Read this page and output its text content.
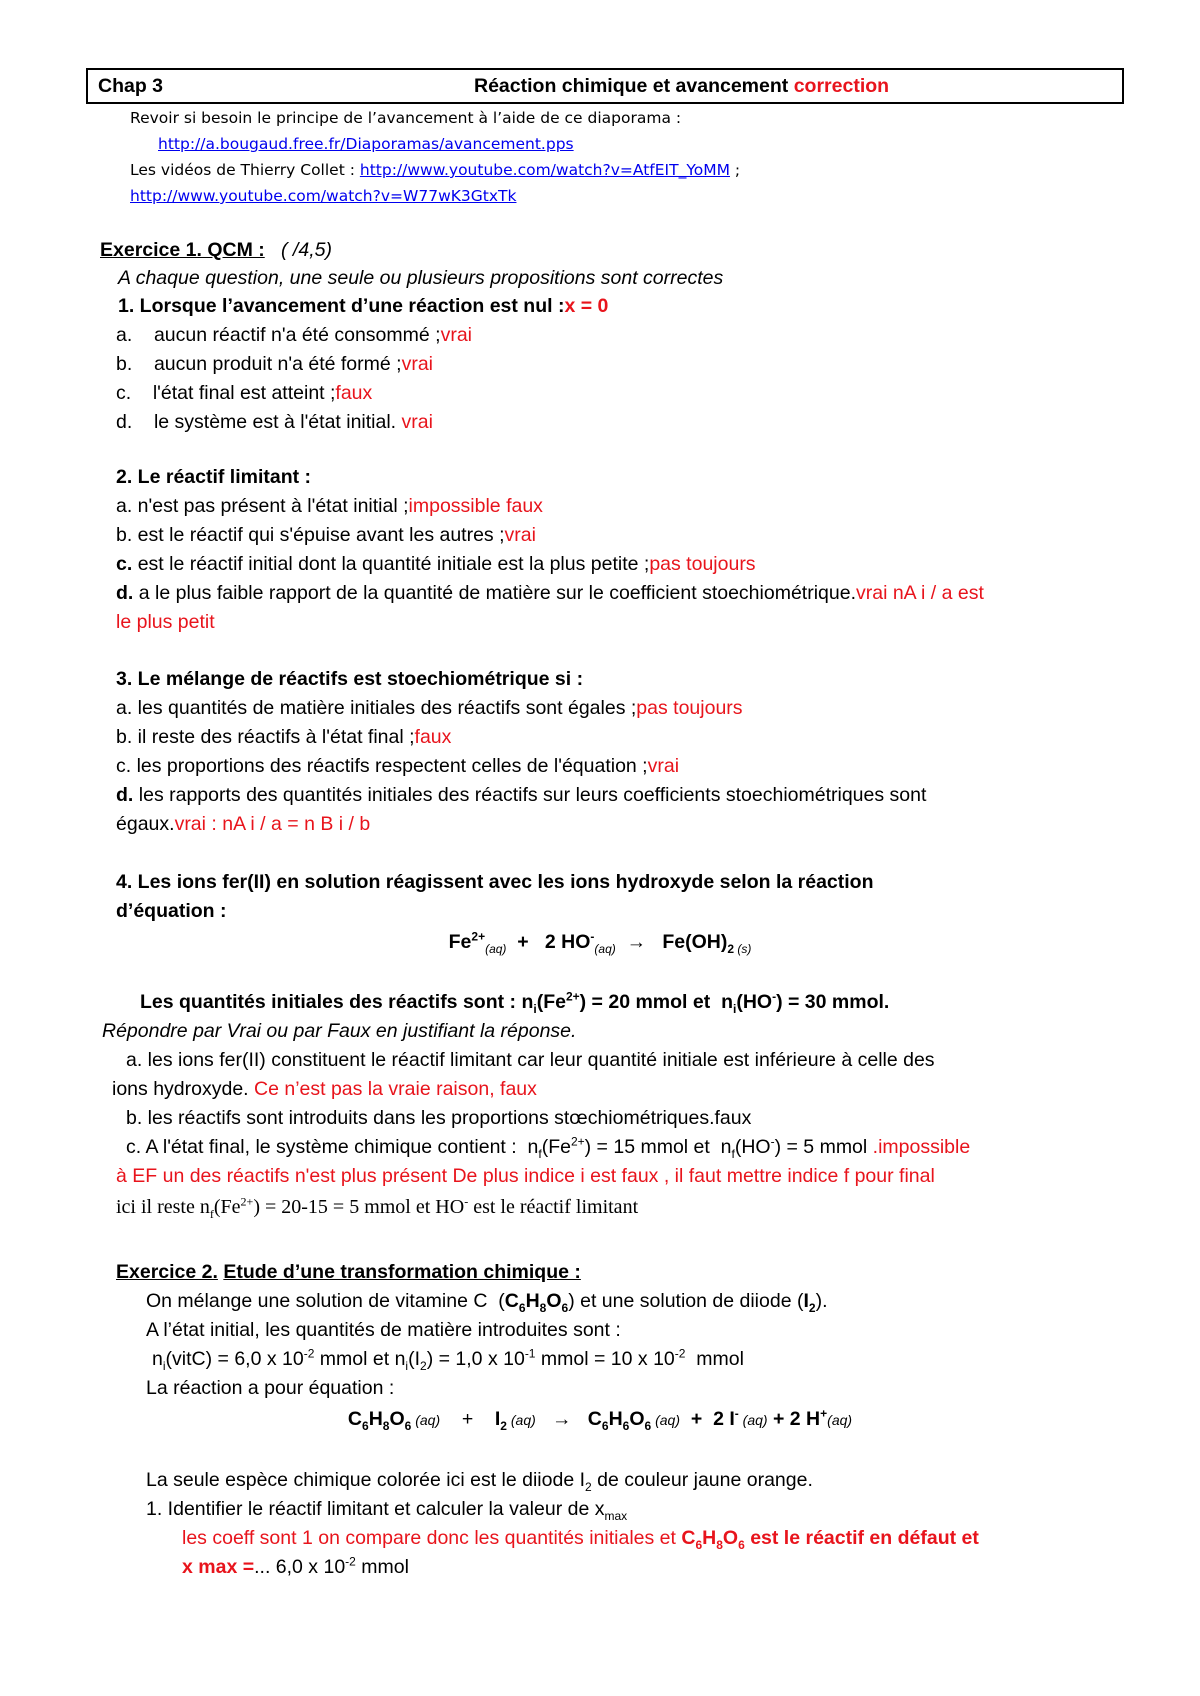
Chap 3	Réaction chimique et avancement correction
Revoir si besoin le principe de l’avancement à l’aide de ce diaporama :
http://a.bougaud.free.fr/Diaporamas/avancement.pps
Les vidéos de Thierry Collet : http://www.youtube.com/watch?v=AtfEIT_YoMM ;
http://www.youtube.com/watch?v=W77wK3GtxTk
Exercice 1. QCM : ( /4,5)
A chaque question, une seule ou plusieurs propositions sont correctes
1. Lorsque l’avancement d’une réaction est nul :x = 0
a.    aucun réactif n'a été consommé ;vrai
b.    aucun produit n'a été formé ;vrai
c.    l'état final est atteint ;faux
d.    le système est à l'état initial. vrai
2. Le réactif limitant :
a. n'est pas présent à l'état initial ;impossible faux
b. est le réactif qui s'épuise avant les autres ;vrai
c. est le réactif initial dont la quantité initiale est la plus petite ;pas toujours
d. a le plus faible rapport de la quantité de matière sur le coefficient stoechiométrique.vrai nA i / a est
le plus petit
3. Le mélange de réactifs est stoechiométrique si :
a. les quantités de matière initiales des réactifs sont égales ;pas toujours
b. il reste des réactifs à l'état final ;faux
c. les proportions des réactifs respectent celles de l'équation ;vrai
d. les rapports des quantités initiales des réactifs sur leurs coefficients stoechiométriques sont
égaux.vrai : nA i / a = n B i / b
4. Les ions fer(II) en solution réagissent avec les ions hydroxyde selon la réaction
d’équation :
$Fe^{2+}_{(aq)} + 2$ $HO^-_{(aq)} \to Fe(OH)_2$ $_{(s)}$
Les quantités initiales des réactifs sont : $n_i(Fe^{2+}) = 20$ mmol et  $n_i(HO^-) = 30$ mmol.
Répondre par Vrai ou par Faux en justifiant la réponse.
a. les ions fer(II) constituent le réactif limitant car leur quantité initiale est inférieure à celle des
ions hydroxyde. Ce n’est pas la vraie raison, faux
b. les réactifs sont introduits dans les proportions stœchiométriques.faux
c. A l'état final, le système chimique contient :  $n_f(Fe^{2+}) = 15$ mmol et  $n_f(HO^-) = 5$ mmol .impossible
à EF un des réactifs n'est plus présent De plus indice i est faux , il faut mettre indice f pour final
ici il reste $n_f(Fe^{2+}) = 20-15 = 5$ mmol et HO- est le réactif limitant
Exercice 2. Etude d’une transformation chimique :
On mélange une solution de vitamine C  $(C_6H_8O_6)$ et une solution de diiode $(I_2)$.
A l’état initial, les quantités de matière introduites sont :
$n_i(vitC) = 6,0$ x $10^{-2}$ mmol et $n_i(I_2) = 1,0$ x $10^{-1}$ mmol = 10 x $10^{-2}$  mmol
La réaction a pour équation :
$C_6H_8O_6$ (aq) +    $I_2$ $(aq) \to C_6H_6O_6$ (aq)  +  2 I- (aq) + 2 H+(aq)
La seule espèce chimique colorée ici est le diiode $I_2$ de couleur jaune orange.
1. Identifier le réactif limitant et calculer la valeur de $x_{max}$
les coeff sont 1 on compare donc les quantités initiales et $C_6H_8O_6$ est le réactif en défaut et
x max =... 6,0 x $10^{-2}$ mmol
